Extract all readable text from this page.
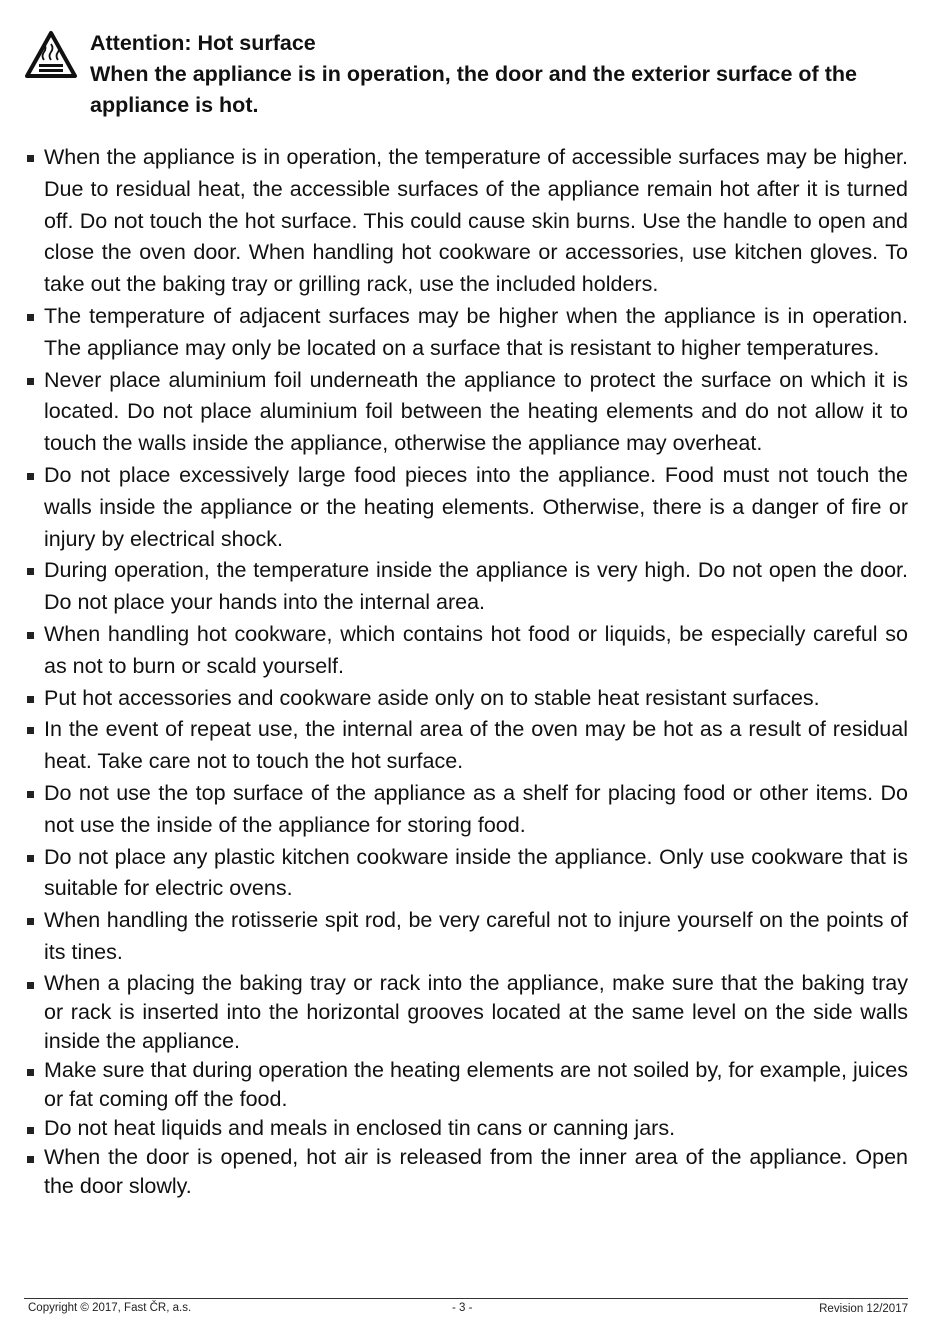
Attention: Hot surface
When the appliance is in operation, the door and the exterior surface of the appliance is hot.
When the appliance is in operation, the temperature of accessible surfaces may be higher. Due to residual heat, the accessible surfaces of the appliance remain hot after it is turned off. Do not touch the hot surface. This could cause skin burns. Use the handle to open and close the oven door. When handling hot cookware or accessories, use kitchen gloves. To take out the baking tray or grilling rack, use the included holders.
The temperature of adjacent surfaces may be higher when the appliance is in operation. The appliance may only be located on a surface that is resistant to higher temperatures.
Never place aluminium foil underneath the appliance to protect the surface on which it is located. Do not place aluminium foil between the heating elements and do not allow it to touch the walls inside the appliance, otherwise the appliance may overheat.
Do not place excessively large food pieces into the appliance. Food must not touch the walls inside the appliance or the heating elements. Otherwise, there is a danger of fire or injury by electrical shock.
During operation, the temperature inside the appliance is very high. Do not open the door. Do not place your hands into the internal area.
When handling hot cookware, which contains hot food or liquids, be especially careful so as not to burn or scald yourself.
Put hot accessories and cookware aside only on to stable heat resistant surfaces.
In the event of repeat use, the internal area of the oven may be hot as a result of residual heat. Take care not to touch the hot surface.
Do not use the top surface of the appliance as a shelf for placing food or other items. Do not use the inside of the appliance for storing food.
Do not place any plastic kitchen cookware inside the appliance. Only use cookware that is suitable for electric ovens.
When handling the rotisserie spit rod, be very careful not to injure yourself on the points of its tines.
When a placing the baking tray or rack into the appliance, make sure that the baking tray or rack is inserted into the horizontal grooves located at the same level on the side walls inside the appliance.
Make sure that during operation the heating elements are not soiled by, for example, juices or fat coming off the food.
Do not heat liquids and meals in enclosed tin cans or canning jars.
When the door is opened, hot air is released from the inner area of the appliance. Open the door slowly.
Copyright © 2017, Fast ČR, a.s.	- 3 -	Revision 12/2017
